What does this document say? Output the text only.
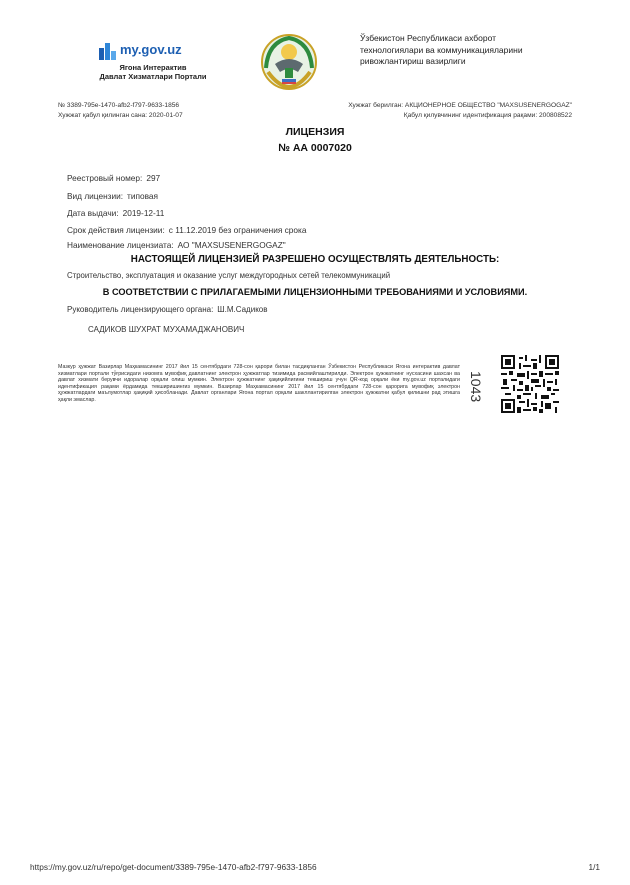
my.gov.uz
Ягона Интерактив
Давлат Хизматлари Портали
Ўзбекистон Республикаси ахборот
технологиялари ва коммуникацияларини
ривожлантириш вазирлиги
№ 3389-795e-1470-afb2-f797-9633-1856
Хужжат қабул қилинган сана: 2020-01-07
Хужжат берилган: АКЦИОНЕРНОЕ ОБЩЕСТВО "MAXSUSENERGOGAZ"
Қабул қилувчининг идентификация рақами: 200808522
ЛИЦЕНЗИЯ
№ АА 0007020
Реестровый номер: 297
Вид лицензии: типовая
Дата выдачи: 2019-12-11
Срок действия лицензии: с 11.12.2019 без ограничения срока
Наименование лицензиата: АО "MAXSUSENERGOGAZ"
НАСТОЯЩЕЙ ЛИЦЕНЗИЕЙ РАЗРЕШЕНО ОСУЩЕСТВЛЯТЬ ДЕЯТЕЛЬНОСТЬ:
Строительство, эксплуатация и оказание услуг междугородных сетей телекоммуникаций
В СООТВЕТСТВИИ С ПРИЛАГАЕМЫМИ ЛИЦЕНЗИОННЫМИ ТРЕБОВАНИЯМИ И УСЛОВИЯМИ.
Руководитель лицензирующего органа: Ш.М.Садиков
САДИКОВ ШУХРАТ МУХАМАДЖАНОВИЧ
Мазкур ҳужжат Вазирлар Маҳкамасининг 2017 йил 15 сентябрдаги 728-сон қарори билан тасдиқланган Ўзбекистон Республикаси Ягона интерактив давлат хизматлари портали тўғрисидаги низомга мувофиқ давлатнинг электрон ҳужжатлар тизимида расмийлаштирилди. Электрон ҳужжатнинг нусхасини шахсан ва давлат хизмати берувчи идоралар орқали олиш мумкин. Электрон ҳужжатнинг ҳақиқийлигини текшириш учун QR-код орқали ёки my.gov.uz порталидаги идентификация рақами ёрдамида текширишингиз мумкин. Вазирлар Маҳкамасининг 2017 йил 15 сентябрдаги 728-сон қарорига мувофиқ электрон ҳужжатлардаги маълумотлар ҳақиқий ҳисобланади. Давлат органлари Ягона портал орқали шакллантирилган электрон ҳужжатни қабул қилишни рад этишга ҳақли эмаслар.	1043
https://my.gov.uz/ru/repo/get-document/3389-795e-1470-afb2-f797-9633-1856	1/1
